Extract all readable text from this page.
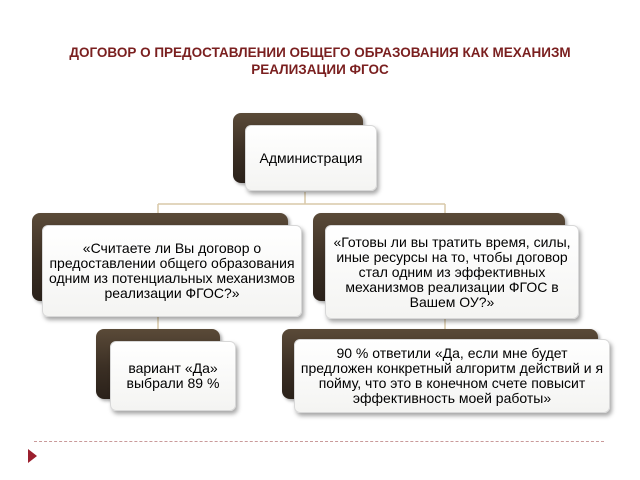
ДОГОВОР О ПРЕДОСТАВЛЕНИИ ОБЩЕГО ОБРАЗОВАНИЯ КАК МЕХАНИЗМ РЕАЛИЗАЦИИ ФГОС
Администрация
«Считаете ли Вы договор о предоставлении общего образования одним из потенциальных механизмов реализации ФГОС?»
«Готовы ли вы тратить время, силы, иные ресурсы на то, чтобы договор стал одним из эффективных механизмов реализации ФГОС в Вашем ОУ?»
вариант «Да» выбрали 89 %
90 % ответили «Да, если мне будет предложен конкретный алгоритм действий и я пойму, что это в конечном счете повысит эффективность моей работы»
